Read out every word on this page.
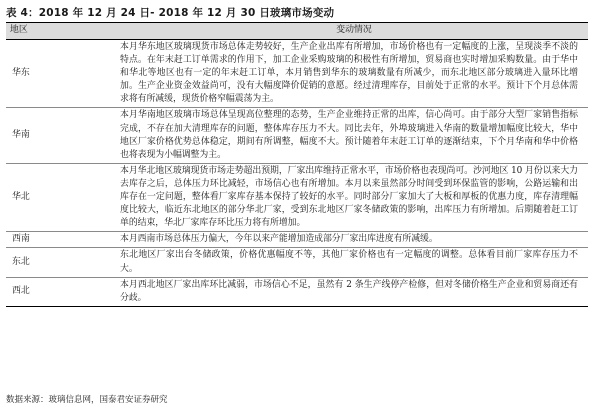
表 4：2018 年 12 月 24 日- 2018 年 12 月 30 日玻璃市场变动
地区	变动情况
华东	本月华东地区玻璃现货市场总体走势较好，生产企业出库有所增加，市场价格也有一定幅度的上涨，呈现淡季不淡的特点。在年末赶工订单需求的作用下，加工企业采购玻璃的积极性有所增加，贸易商也实时增加采购数量。由于华中和华北等地区也有一定的年末赶工订单，本月销售到华东的玻璃数量有所减少，而东北地区部分玻璃进入量环比增加。生产企业资金效益尚可，没有大幅度降价促销的意愿。经过清理库存，目前处于正常的水平。预计下个月总体需求将有所减缓，现货价格窄幅震荡为主。
华南	本月华南地区玻璃市场总体呈现高位整理的态势，生产企业维持正常的出库，信心尚可。由于部分大型厂家销售指标完成，不存在加大清理库存的问题，整体库存压力不大。同比去年，外埠玻璃进入华南的数量增加幅度比较大，华中地区厂家价格优势总体稳定，期间有所调整，幅度不大。预计随着年末赶工订单的逐渐结束，下个月华南和华中价格也将表现为小幅调整为主。
华北	本月华北地区玻璃现货市场走势超出预期，厂家出库维持正常水平，市场价格也表现尚可。沙河地区 10 月份以来大力去库存之后，总体压力环比减轻，市场信心也有所增加。本月以来虽然部分时间受到环保监管的影响，公路运输和出库存在一定问题，整体看厂家库存基本保持了较好的水平。同时部分厂家加大了大板和厚板的优惠力度，库存清理幅度比较大，临近东北地区的部分华北厂家，受到东北地区厂家冬储政策的影响，出库压力有所增加。后期随着赶工订单的结束，华北厂家库存环比压力将有所增加。
西南	本月西南市场总体压力偏大，今年以来产能增加造成部分厂家出库进度有所减缓。
东北	东北地区厂家出台冬储政策，价格优惠幅度不等，其他厂家价格也有一定幅度的调整。总体看目前厂家库存压力不大。
西北	本月西北地区厂家出库环比减弱，市场信心不足，虽然有 2 条生产线停产检修，但对冬储价格生产企业和贸易商还有分歧。
数据来源：玻璃信息网，国泰君安证券研究
